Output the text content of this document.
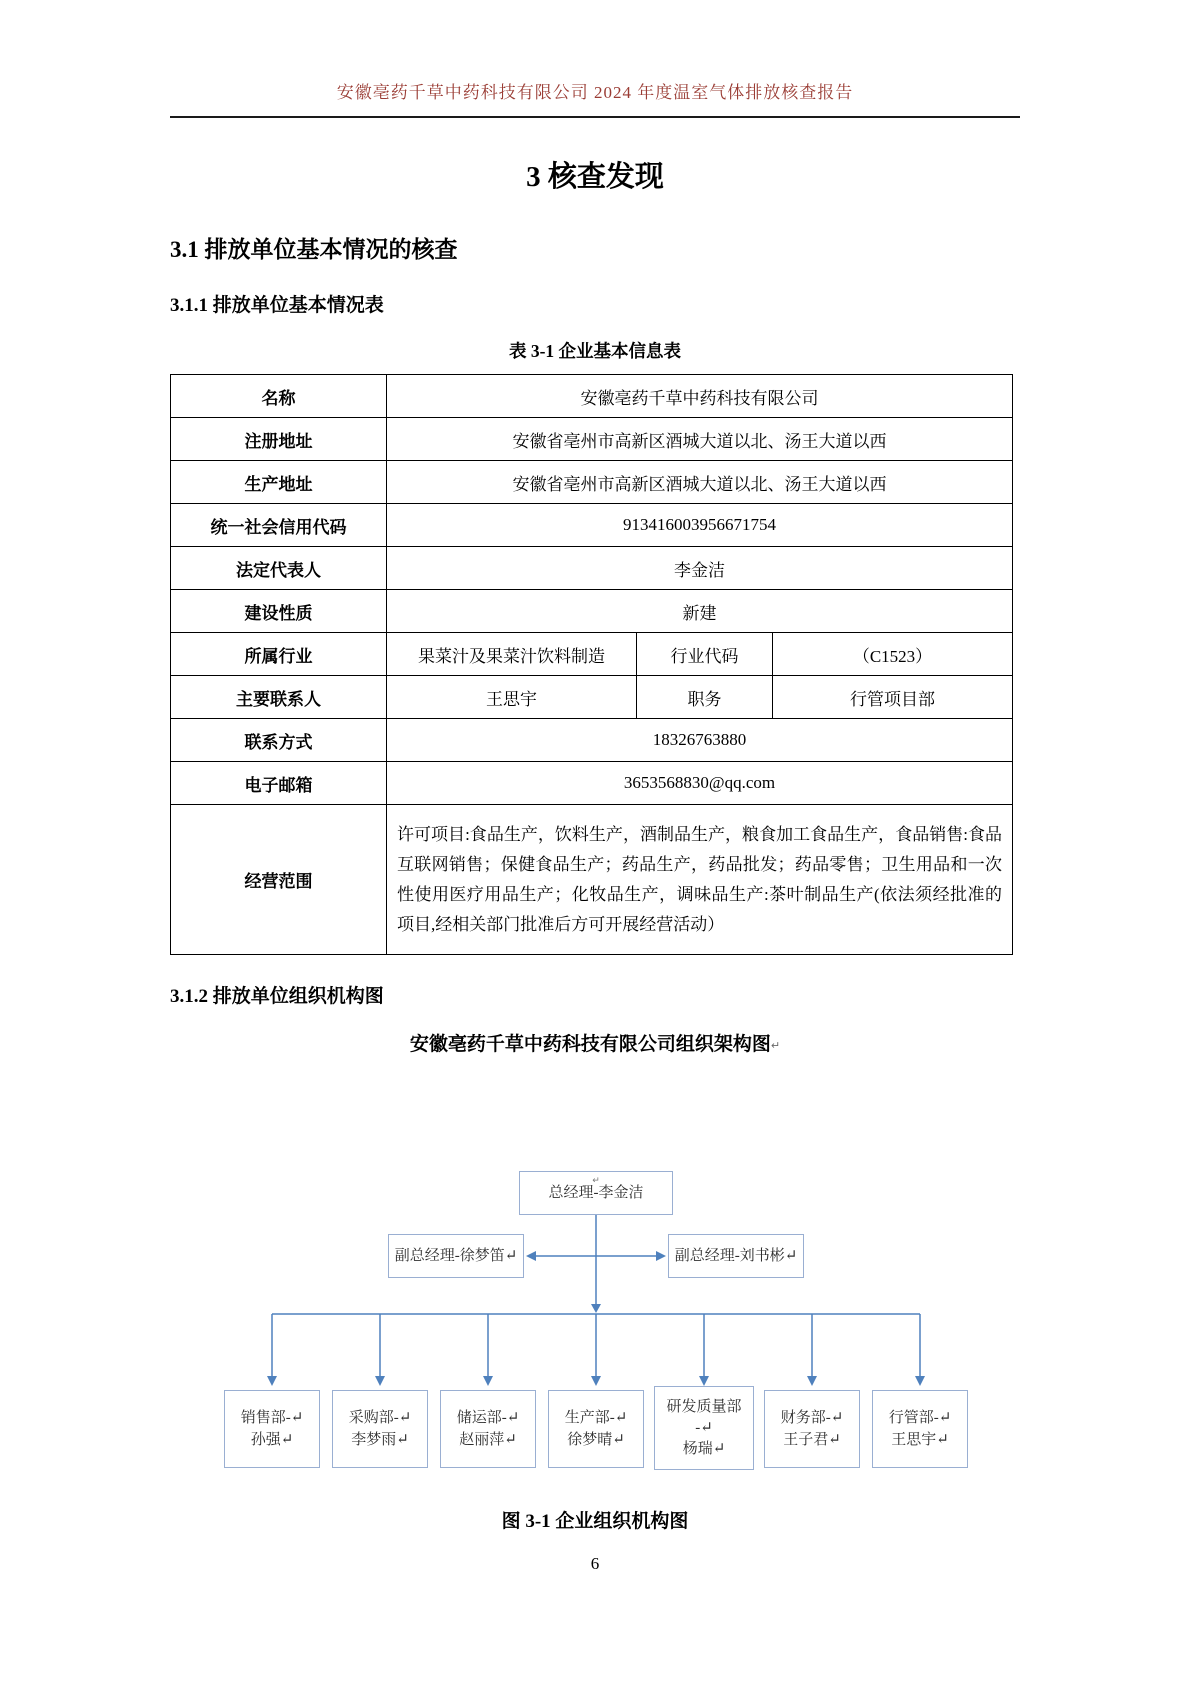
安徽亳药千草中药科技有限公司 2024 年度温室气体排放核查报告
3 核查发现
3.1 排放单位基本情况的核查
3.1.1 排放单位基本情况表
表 3-1 企业基本信息表
名称	安徽亳药千草中药科技有限公司		
注册地址	安徽省亳州市高新区酒城大道以北、汤王大道以西		
生产地址	安徽省亳州市高新区酒城大道以北、汤王大道以西		
统一社会信用代码	913416003956671754		
法定代表人	李金洁		
建设性质	新建		
所属行业	果菜汁及果菜汁饮料制造	行业代码	（C1523）
主要联系人	王思宇	职务	行管项目部
联系方式	18326763880		
电子邮箱	3653568830@qq.com		
经营范围	许可项目:食品生产，饮料生产，酒制品生产，粮食加工食品生产，食品销售:食品互联网销售；保健食品生产；药品生产，药品批发；药品零售；卫生用品和一次性使用医疗用品生产；化牧品生产，调味品生产:茶叶制品生产(依法须经批准的项目,经相关部门批准后方可开展经营活动）		
3.1.2 排放单位组织机构图
安徽亳药千草中药科技有限公司组织架构图↵
↵
总经理-李金洁
副总经理-徐梦笛↵	副总经理-刘书彬↵
销售部-↵
孙强↵
采购部-↵
李梦雨↵
储运部-↵
赵丽萍↵
生产部-↵
徐梦晴↵
研发质量部
-↵
杨瑞↵
财务部-↵
王子君↵
行管部-↵
王思宇↵
图 3-1 企业组织机构图
6
